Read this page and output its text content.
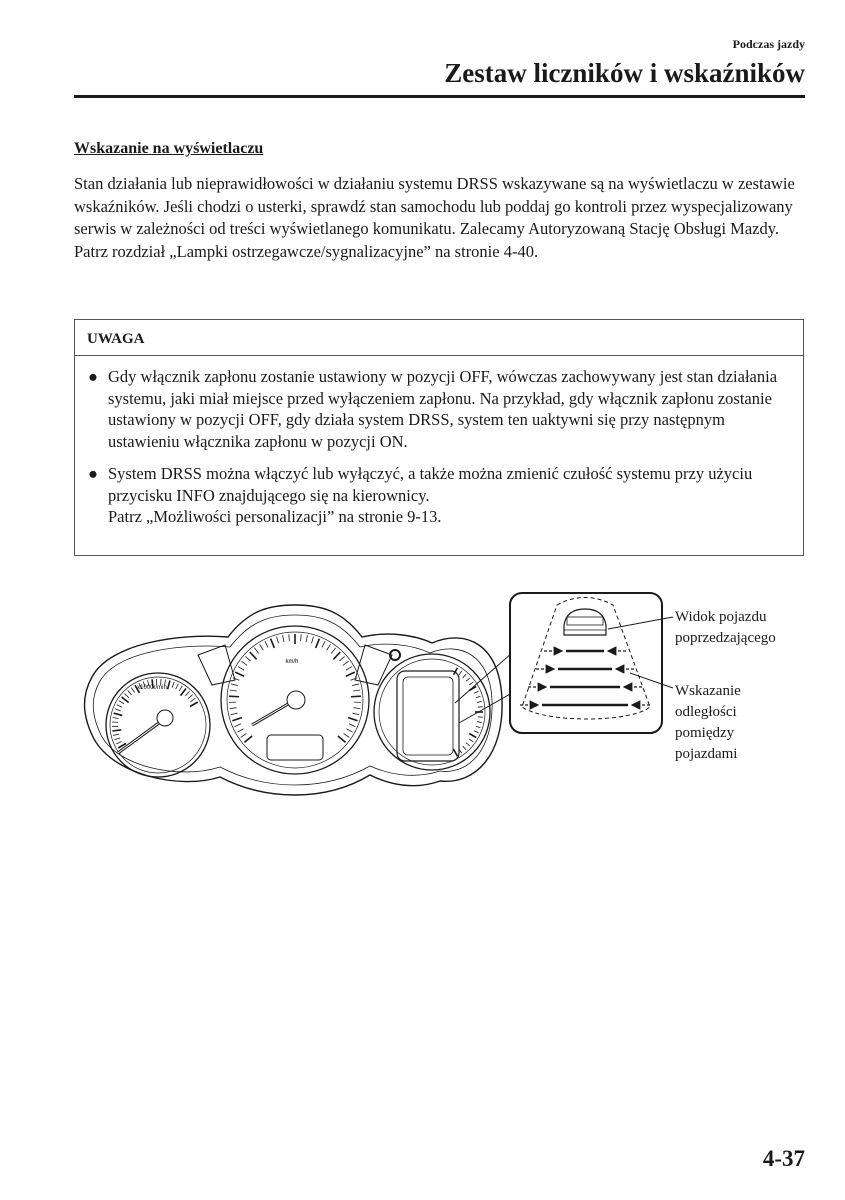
Podczas jazdy
Zestaw liczników i wskaźników
Wskazanie na wyświetlaczu

Stan działania lub nieprawidłowości w działaniu systemu DRSS wskazywane są na wyświetlaczu w zestawie wskaźników. Jeśli chodzi o usterki, sprawdź stan samochodu lub poddaj go kontroli przez wyspecjalizowany serwis w zależności od treści wyświetlanego komunikatu. Zalecamy Autoryzowaną Stację Obsługi Mazdy.

Patrz rozdział „Lampki ostrzegawcze/sygnalizacyjne” na stronie 4-40.

UWAGA
● Gdy włącznik zapłonu zostanie ustawiony w pozycji OFF, wówczas zachowywany jest stan działania systemu, jaki miał miejsce przed wyłączeniem zapłonu. Na przykład, gdy włącznik zapłonu zostanie ustawiony w pozycji OFF, gdy działa system DRSS, system ten uaktywni się przy następnym ustawieniu włącznika zapłonu w pozycji ON.
● System DRSS można włączyć lub wyłączyć, a także można zmienić czułość systemu przy użyciu przycisku INFO znajdującego się na kierownicy.
Patrz „Możliwości personalizacji” na stronie 9-13.
x1000r/min
km/h
Widok pojazdu
poprzedzającego
Wskazanie
odległości
pomiędzy
pojazdami
4-37
